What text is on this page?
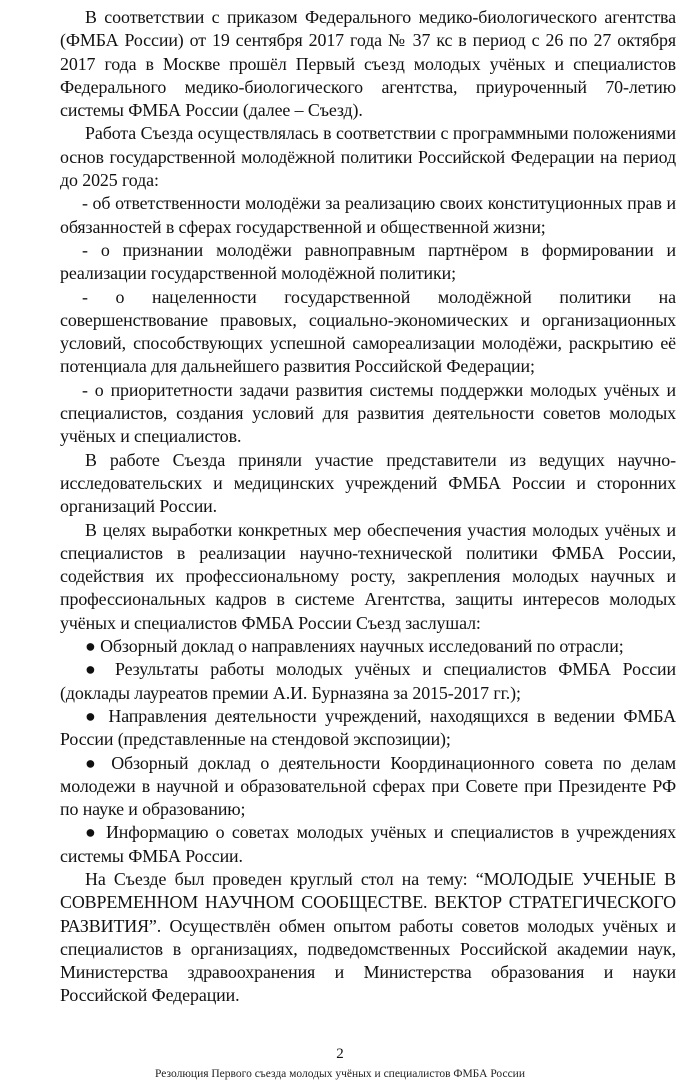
В соответствии с приказом Федерального медико-биологического агентства (ФМБА России) от 19 сентября 2017 года № 37 кс в период с 26 по 27 октября 2017 года в Москве прошёл Первый съезд молодых учёных и специалистов Федерального медико-биологического агентства, приуроченный 70-летию системы ФМБА России (далее – Съезд).

Работа Съезда осуществлялась в соответствии с программными положениями основ государственной молодёжной политики Российской Федерации на период до 2025 года:

- об ответственности молодёжи за реализацию своих конституционных прав и обязанностей в сферах государственной и общественной жизни;

- о признании молодёжи равноправным партнёром в формировании и реализации государственной молодёжной политики;

- о нацеленности государственной молодёжной политики на совершенствование правовых, социально-экономических и организационных условий, способствующих успешной самореализации молодёжи, раскрытию её потенциала для дальнейшего развития Российской Федерации;

- о приоритетности задачи развития системы поддержки молодых учёных и специалистов, создания условий для развития деятельности советов молодых учёных и специалистов.

В работе Съезда приняли участие представители из ведущих научно-исследовательских и медицинских учреждений ФМБА России и сторонних организаций России.

В целях выработки конкретных мер обеспечения участия молодых учёных и специалистов в реализации научно-технической политики ФМБА России, содействия их профессиональному росту, закрепления молодых научных и профессиональных кадров в системе Агентства, защиты интересов молодых учёных и специалистов ФМБА России Съезд заслушал:

● Обзорный доклад о направлениях научных исследований по отрасли;

● Результаты работы молодых учёных и специалистов ФМБА России (доклады лауреатов премии А.И. Бурназяна за 2015-2017 гг.);

● Направления деятельности учреждений, находящихся в ведении ФМБА России (представленные на стендовой экспозиции);

● Обзорный доклад о деятельности Координационного совета по делам молодежи в научной и образовательной сферах при Совете при Президенте РФ по науке и образованию;

● Информацию о советах молодых учёных и специалистов в учреждениях системы ФМБА России.

На Съезде был проведен круглый стол на тему: “МОЛОДЫЕ УЧЕНЫЕ В СОВРЕМЕННОМ НАУЧНОМ СООБЩЕСТВЕ. ВЕКТОР СТРАТЕГИЧЕСКОГО РАЗВИТИЯ”. Осуществлён обмен опытом работы советов молодых учёных и специалистов в организациях, подведомственных Российской академии наук, Министерства здравоохранения и Министерства образования и науки Российской Федерации.

2
Резолюция Первого съезда молодых учёных и специалистов ФМБА России
